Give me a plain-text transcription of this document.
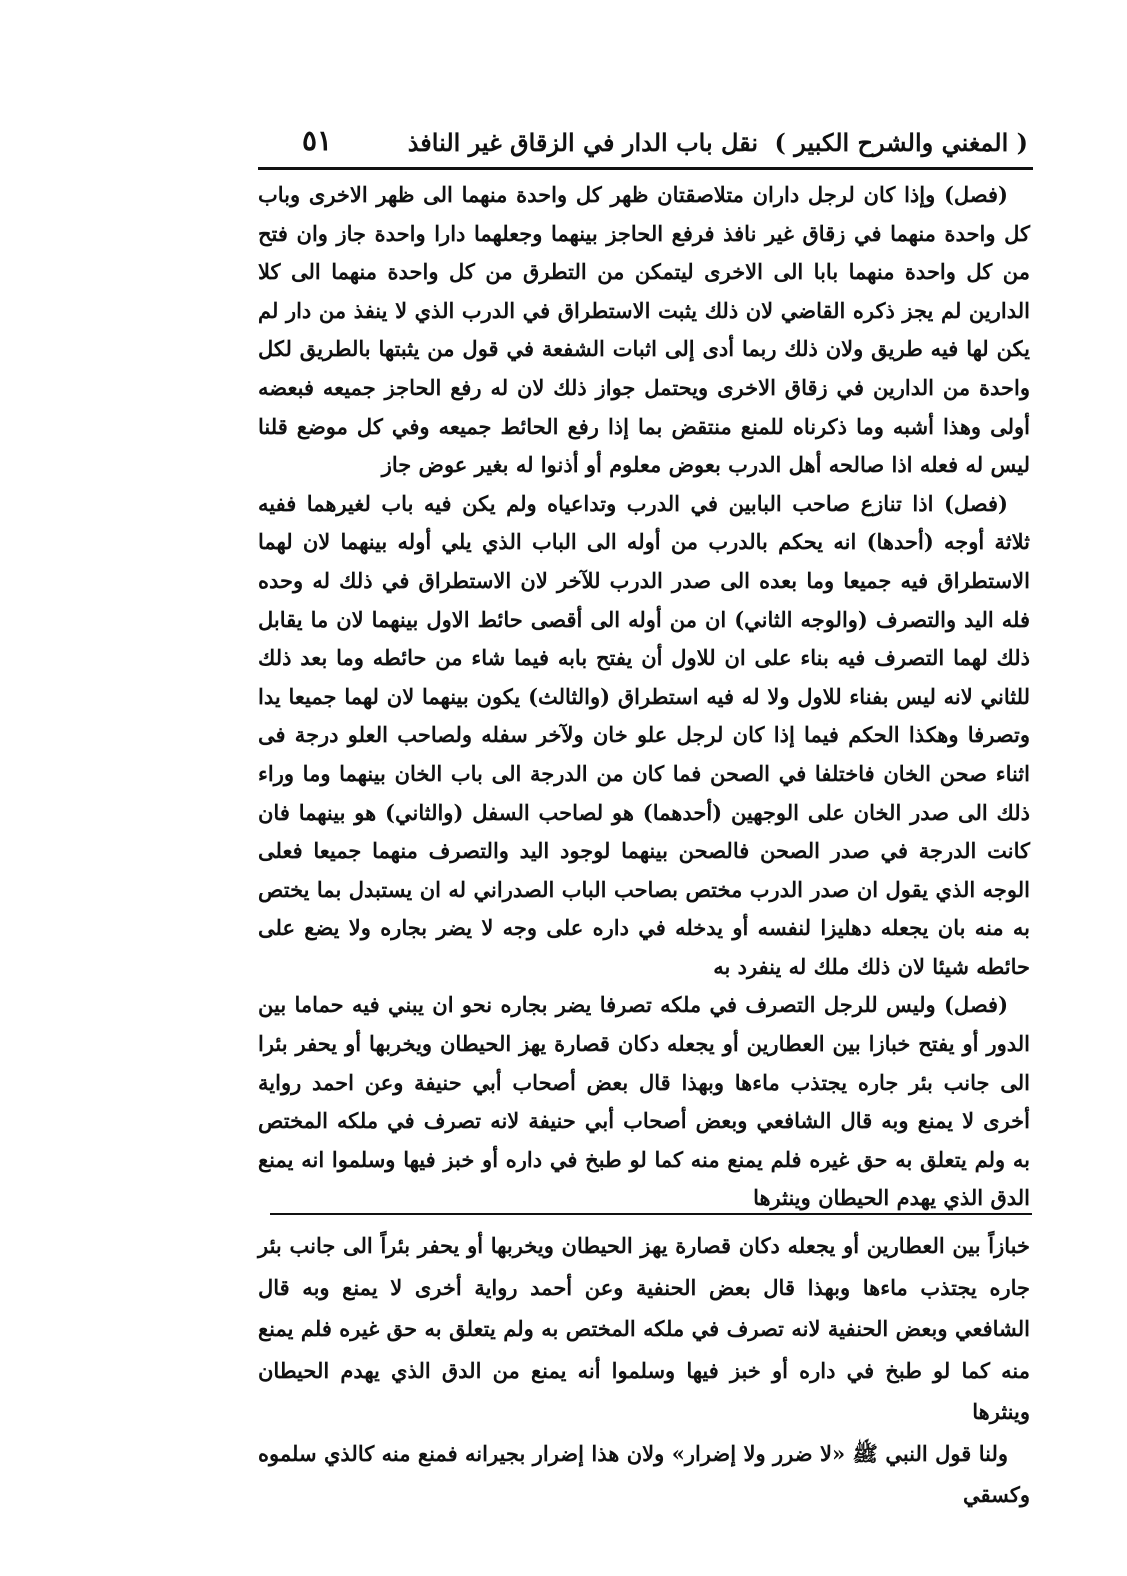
( المغني والشرح الكبير )
نقل باب الدار في الزقاق غير النافذ
٥١

(فصل) وإذا كان لرجل داران متلاصقتان ظهر كل واحدة منهما الى ظهر الاخرى وباب كل واحدة منهما في زقاق غير نافذ فرفع الحاجز بينهما وجعلهما دارا واحدة جاز وان فتح من كل واحدة منهما بابا الى الاخرى ليتمكن من التطرق من كل واحدة منهما الى كلا الدارين لم يجز ذكره القاضي لان ذلك يثبت الاستطراق في الدرب الذي لا ينفذ من دار لم يكن لها فيه طريق ولان ذلك ربما أدى إلى اثبات الشفعة في قول من يثبتها بالطريق لكل واحدة من الدارين في زقاق الاخرى ويحتمل جواز ذلك لان له رفع الحاجز جميعه فبعضه أولى وهذا أشبه وما ذكرناه للمنع منتقض بما إذا رفع الحائط جميعه وفي كل موضع قلنا ليس له فعله اذا صالحه أهل الدرب بعوض معلوم أو أذنوا له بغير عوض جاز

(فصل) اذا تنازع صاحب البابين في الدرب وتداعياه ولم يكن فيه باب لغيرهما ففيه ثلاثة أوجه (أحدها) انه يحكم بالدرب من أوله الى الباب الذي يلي أوله بينهما لان لهما الاستطراق فيه جميعا وما بعده الى صدر الدرب للآخر لان الاستطراق في ذلك له وحده فله اليد والتصرف (والوجه الثاني) ان من أوله الى أقصى حائط الاول بينهما لان ما يقابل ذلك لهما التصرف فيه بناء على ان للاول أن يفتح بابه فيما شاء من حائطه وما بعد ذلك للثاني لانه ليس بفناء للاول ولا له فيه استطراق (والثالث) يكون بينهما لان لهما جميعا يدا وتصرفا وهكذا الحكم فيما إذا كان لرجل علو خان ولآخر سفله ولصاحب العلو درجة فى اثناء صحن الخان فاختلفا في الصحن فما كان من الدرجة الى باب الخان بينهما وما وراء ذلك الى صدر الخان على الوجهين (أحدهما) هو لصاحب السفل (والثاني) هو بينهما فان كانت الدرجة في صدر الصحن فالصحن بينهما لوجود اليد والتصرف منهما جميعا فعلى الوجه الذي يقول ان صدر الدرب مختص بصاحب الباب الصدراني له ان يستبدل بما يختص به منه بان يجعله دهليزا لنفسه أو يدخله في داره على وجه لا يضر بجاره ولا يضع على حائطه شيئا لان ذلك ملك له ينفرد به

(فصل) وليس للرجل التصرف في ملكه تصرفا يضر بجاره نحو ان يبني فيه حماما بين الدور أو يفتح خبازا بين العطارين أو يجعله دكان قصارة يهز الحيطان ويخربها أو يحفر بئرا الى جانب بئر جاره يجتذب ماءها وبهذا قال بعض أصحاب أبي حنيفة وعن احمد رواية أخرى لا يمنع وبه قال الشافعي وبعض أصحاب أبي حنيفة لانه تصرف في ملكه المختص به ولم يتعلق به حق غيره فلم يمنع منه كما لو طبخ في داره أو خبز فيها وسلموا انه يمنع الدق الذي يهدم الحيطان وينثرها

خبازاً بين العطارين أو يجعله دكان قصارة يهز الحيطان ويخربها أو يحفر بئراً الى جانب بئر جاره يجتذب ماءها وبهذا قال بعض الحنفية وعن أحمد رواية أخرى لا يمنع وبه قال الشافعي وبعض الحنفية لانه تصرف في ملكه المختص به ولم يتعلق به حق غيره فلم يمنع منه كما لو طبخ في داره أو خبز فيها وسلموا أنه يمنع من الدق الذي يهدم الحيطان وينثرها

ولنا قول النبي ﷺ «لا ضرر ولا إضرار» ولان هذا إضرار بجيرانه فمنع منه كالذي سلموه وكسقي
